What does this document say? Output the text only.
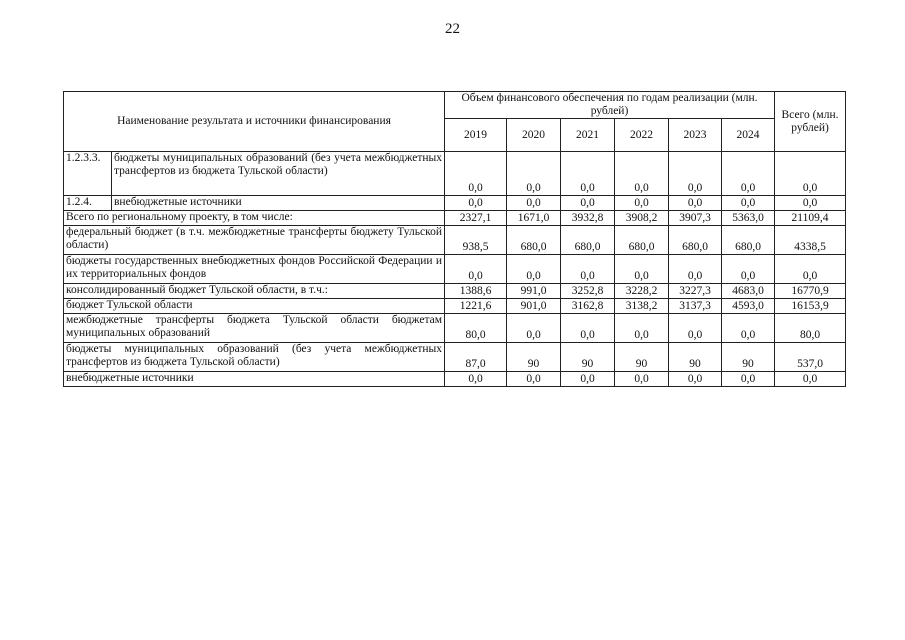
22
Наименование результата и источники финансирования		Объем финансового обеспечения по годам реализации (млн. рублей)						Всего (млн. рублей)
		2019	2020	2021	2022	2023	2024	
1.2.3.3.	бюджеты муниципальных образований (без учета межбюджетных трансфертов из бюджета Тульской области)	0,0	0,0	0,0	0,0	0,0	0,0	0,0
1.2.4.	внебюджетные источники	0,0	0,0	0,0	0,0	0,0	0,0	0,0
Всего по региональному проекту, в том числе:		2327,1	1671,0	3932,8	3908,2	3907,3	5363,0	21109,4
федеральный бюджет (в т.ч. межбюджетные трансферты бюджету Тульской области)		938,5	680,0	680,0	680,0	680,0	680,0	4338,5
бюджеты государственных внебюджетных фондов Российской Федерации и их территориальных фондов		0,0	0,0	0,0	0,0	0,0	0,0	0,0
консолидированный бюджет Тульской области, в т.ч.:		1388,6	991,0	3252,8	3228,2	3227,3	4683,0	16770,9
бюджет Тульской области		1221,6	901,0	3162,8	3138,2	3137,3	4593,0	16153,9
межбюджетные трансферты бюджета Тульской области бюджетам муниципальных образований		80,0	0,0	0,0	0,0	0,0	0,0	80,0
бюджеты муниципальных образований (без учета межбюджетных трансфертов из бюджета Тульской области)		87,0	90	90	90	90	90	537,0
внебюджетные источники		0,0	0,0	0,0	0,0	0,0	0,0	0,0
